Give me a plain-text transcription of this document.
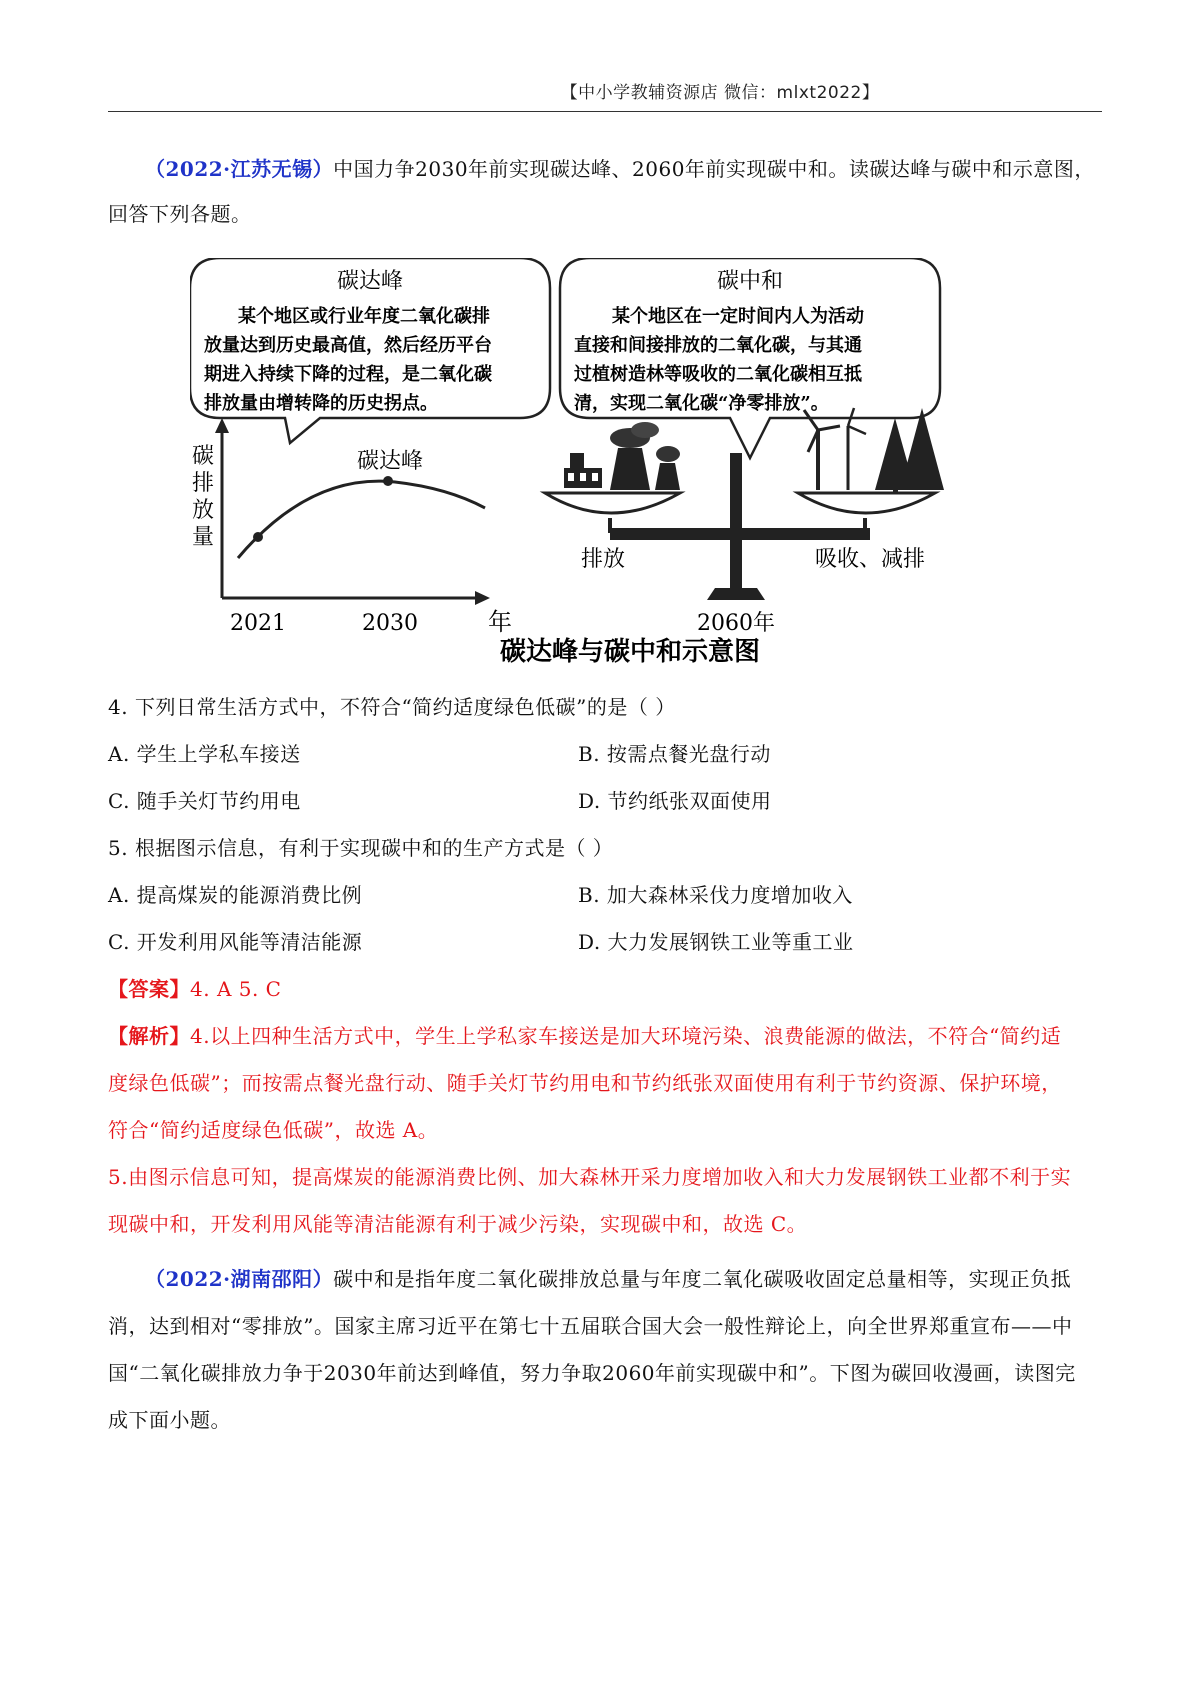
【中小学教辅资源店 微信：mlxt2022】
（2022·江苏无锡）中国力争2030年前实现碳达峰、2060年前实现碳中和。读碳达峰与碳中和示意图，
回答下列各题。
碳达峰
某个地区或行业年度二氧化碳排
放量达到历史最高值，然后经历平台
期进入持续下降的过程，是二氧化碳
排放量由增转降的历史拐点。
碳中和
某个地区在一定时间内人为活动
直接和间接排放的二氧化碳，与其通
过植树造林等吸收的二氧化碳相互抵
清，实现二氧化碳“净零排放”。
碳
排
放
量
碳达峰
2021	2030	年	2060年
排放	吸收、减排
碳达峰与碳中和示意图
4. 下列日常生活方式中，不符合“简约适度绿色低碳”的是（ ）
A. 学生上学私车接送	B. 按需点餐光盘行动
C. 随手关灯节约用电	D. 节约纸张双面使用
5. 根据图示信息，有利于实现碳中和的生产方式是（ ）
A. 提高煤炭的能源消费比例	B. 加大森林采伐力度增加收入
C. 开发利用风能等清洁能源	D. 大力发展钢铁工业等重工业
【答案】4. A 5. C
【解析】4.以上四种生活方式中，学生上学私家车接送是加大环境污染、浪费能源的做法，不符合“简约适
度绿色低碳”；而按需点餐光盘行动、随手关灯节约用电和节约纸张双面使用有利于节约资源、保护环境，
符合“简约适度绿色低碳”，故选 A。
5.由图示信息可知，提高煤炭的能源消费比例、加大森林开采力度增加收入和大力发展钢铁工业都不利于实
现碳中和，开发利用风能等清洁能源有利于减少污染，实现碳中和，故选 C。
（2022·湖南邵阳）碳中和是指年度二氧化碳排放总量与年度二氧化碳吸收固定总量相等，实现正负抵
消，达到相对“零排放”。国家主席习近平在第七十五届联合国大会一般性辩论上，向全世界郑重宣布——中
国“二氧化碳排放力争于2030年前达到峰值，努力争取2060年前实现碳中和”。下图为碳回收漫画，读图完
成下面小题。
